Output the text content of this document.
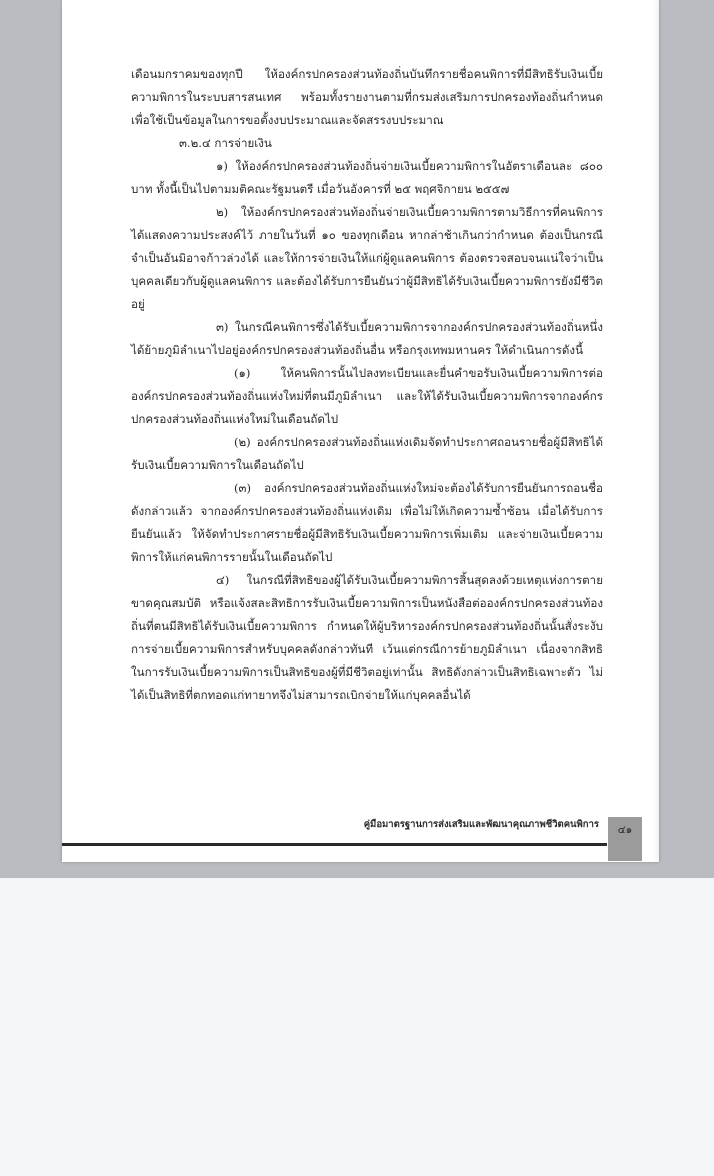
เดือนมกราคมของทุกปี ให้องค์กรปกครองส่วนท้องถิ่นบันทึกรายชื่อคนพิการที่มีสิทธิรับเงินเบี้ยความพิการในระบบสารสนเทศ พร้อมทั้งรายงานตามที่กรมส่งเสริมการปกครองท้องถิ่นกำหนด เพื่อใช้เป็นข้อมูลในการขอตั้งงบประมาณและจัดสรรงบประมาณ

๓.๒.๔ การจ่ายเงิน

๑) ให้องค์กรปกครองส่วนท้องถิ่นจ่ายเงินเบี้ยความพิการในอัตราเดือนละ ๘๐๐ บาท ทั้งนี้เป็นไปตามมติคณะรัฐมนตรี เมื่อวันอังคารที่ ๒๕ พฤศจิกายน ๒๕๕๗

๒) ให้องค์กรปกครองส่วนท้องถิ่นจ่ายเงินเบี้ยความพิการตามวิธีการที่คนพิการได้แสดงความประสงค์ไว้ ภายในวันที่ ๑๐ ของทุกเดือน หากล่าช้าเกินกว่ากำหนด ต้องเป็นกรณีจำเป็นอันมิอาจก้าวล่วงได้ และให้การจ่ายเงินให้แก่ผู้ดูแลคนพิการ ต้องตรวจสอบจนแน่ใจว่าเป็นบุคคลเดียวกับผู้ดูแลคนพิการ และต้องได้รับการยืนยันว่าผู้มีสิทธิได้รับเงินเบี้ยความพิการยังมีชีวิตอยู่

๓) ในกรณีคนพิการซึ่งได้รับเบี้ยความพิการจากองค์กรปกครองส่วนท้องถิ่นหนึ่งได้ย้ายภูมิลำเนาไปอยู่องค์กรปกครองส่วนท้องถิ่นอื่น หรือกรุงเทพมหานคร ให้ดำเนินการดังนี้

(๑) ให้คนพิการนั้นไปลงทะเบียนและยื่นคำขอรับเงินเบี้ยความพิการต่อองค์กรปกครองส่วนท้องถิ่นแห่งใหม่ที่ตนมีภูมิลำเนา และให้ได้รับเงินเบี้ยความพิการจากองค์กรปกครองส่วนท้องถิ่นแห่งใหม่ในเดือนถัดไป

(๒) องค์กรปกครองส่วนท้องถิ่นแห่งเดิมจัดทำประกาศถอนรายชื่อผู้มีสิทธิได้รับเงินเบี้ยความพิการในเดือนถัดไป

(๓) องค์กรปกครองส่วนท้องถิ่นแห่งใหม่จะต้องได้รับการยืนยันการถอนชื่อดังกล่าวแล้ว จากองค์กรปกครองส่วนท้องถิ่นแห่งเดิม เพื่อไม่ให้เกิดความซ้ำซ้อน เมื่อได้รับการยืนยันแล้ว ให้จัดทำประกาศรายชื่อผู้มีสิทธิรับเงินเบี้ยความพิการเพิ่มเติม และจ่ายเงินเบี้ยความพิการให้แก่คนพิการรายนั้นในเดือนถัดไป

๔) ในกรณีที่สิทธิของผู้ได้รับเงินเบี้ยความพิการสิ้นสุดลงด้วยเหตุแห่งการตาย ขาดคุณสมบัติ หรือแจ้งสละสิทธิการรับเงินเบี้ยความพิการเป็นหนังสือต่อองค์กรปกครองส่วนท้องถิ่นที่ตนมีสิทธิได้รับเงินเบี้ยความพิการ กำหนดให้ผู้บริหารองค์กรปกครองส่วนท้องถิ่นนั้นสั่งระงับการจ่ายเบี้ยความพิการสำหรับบุคคลดังกล่าวทันที เว้นแต่กรณีการย้ายภูมิลำเนา เนื่องจากสิทธิในการรับเงินเบี้ยความพิการเป็นสิทธิของผู้ที่มีชีวิตอยู่เท่านั้น สิทธิดังกล่าวเป็นสิทธิเฉพาะตัว ไม่ได้เป็นสิทธิที่ตกทอดแก่ทายาทจึงไม่สามารถเบิกจ่ายให้แก่บุคคลอื่นได้

คู่มือมาตรฐานการส่งเสริมและพัฒนาคุณภาพชีวิตคนพิการ	๔๑
